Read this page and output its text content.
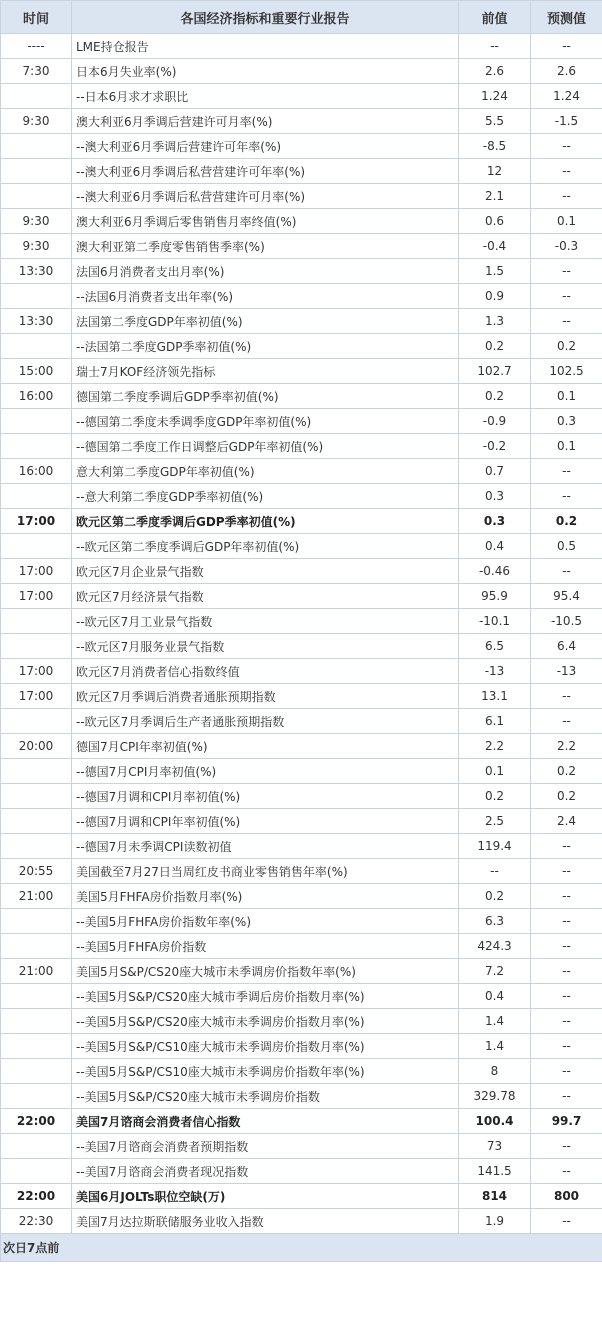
时间	各国经济指标和重要行业报告	前值	预测值
----	LME持仓报告	--	--
7:30	日本6月失业率(%)	2.6	2.6
	--日本6月求才求职比	1.24	1.24
9:30	澳大利亚6月季调后营建许可月率(%)	5.5	-1.5
	--澳大利亚6月季调后营建许可年率(%)	-8.5	--
	--澳大利亚6月季调后私营营建许可年率(%)	12	--
	--澳大利亚6月季调后私营营建许可月率(%)	2.1	--
9:30	澳大利亚6月季调后零售销售月率终值(%)	0.6	0.1
9:30	澳大利亚第二季度零售销售季率(%)	-0.4	-0.3
13:30	法国6月消费者支出月率(%)	1.5	--
	--法国6月消费者支出年率(%)	0.9	--
13:30	法国第二季度GDP年率初值(%)	1.3	--
	--法国第二季度GDP季率初值(%)	0.2	0.2
15:00	瑞士7月KOF经济领先指标	102.7	102.5
16:00	德国第二季度季调后GDP季率初值(%)	0.2	0.1
	--德国第二季度未季调季度GDP年率初值(%)	-0.9	0.3
	--德国第二季度工作日调整后GDP年率初值(%)	-0.2	0.1
16:00	意大利第二季度GDP年率初值(%)	0.7	--
	--意大利第二季度GDP季率初值(%)	0.3	--
17:00	欧元区第二季度季调后GDP季率初值(%)	0.3	0.2
	--欧元区第二季度季调后GDP年率初值(%)	0.4	0.5
17:00	欧元区7月企业景气指数	-0.46	--
17:00	欧元区7月经济景气指数	95.9	95.4
	--欧元区7月工业景气指数	-10.1	-10.5
	--欧元区7月服务业景气指数	6.5	6.4
17:00	欧元区7月消费者信心指数终值	-13	-13
17:00	欧元区7月季调后消费者通胀预期指数	13.1	--
	--欧元区7月季调后生产者通胀预期指数	6.1	--
20:00	德国7月CPI年率初值(%)	2.2	2.2
	--德国7月CPI月率初值(%)	0.1	0.2
	--德国7月调和CPI月率初值(%)	0.2	0.2
	--德国7月调和CPI年率初值(%)	2.5	2.4
	--德国7月未季调CPI读数初值	119.4	--
20:55	美国截至7月27日当周红皮书商业零售销售年率(%)	--	--
21:00	美国5月FHFA房价指数月率(%)	0.2	--
	--美国5月FHFA房价指数年率(%)	6.3	--
	--美国5月FHFA房价指数	424.3	--
21:00	美国5月S&P/CS20座大城市未季调房价指数年率(%)	7.2	--
	--美国5月S&P/CS20座大城市季调后房价指数月率(%)	0.4	--
	--美国5月S&P/CS20座大城市未季调房价指数月率(%)	1.4	--
	--美国5月S&P/CS10座大城市未季调房价指数月率(%)	1.4	--
	--美国5月S&P/CS10座大城市未季调房价指数年率(%)	8	--
	--美国5月S&P/CS20座大城市未季调房价指数	329.78	--
22:00	美国7月谘商会消费者信心指数	100.4	99.7
	--美国7月谘商会消费者预期指数	73	--
	--美国7月谘商会消费者现况指数	141.5	--
22:00	美国6月JOLTs职位空缺(万)	814	800
22:30	美国7月达拉斯联储服务业收入指数	1.9	--
次日7点前			
